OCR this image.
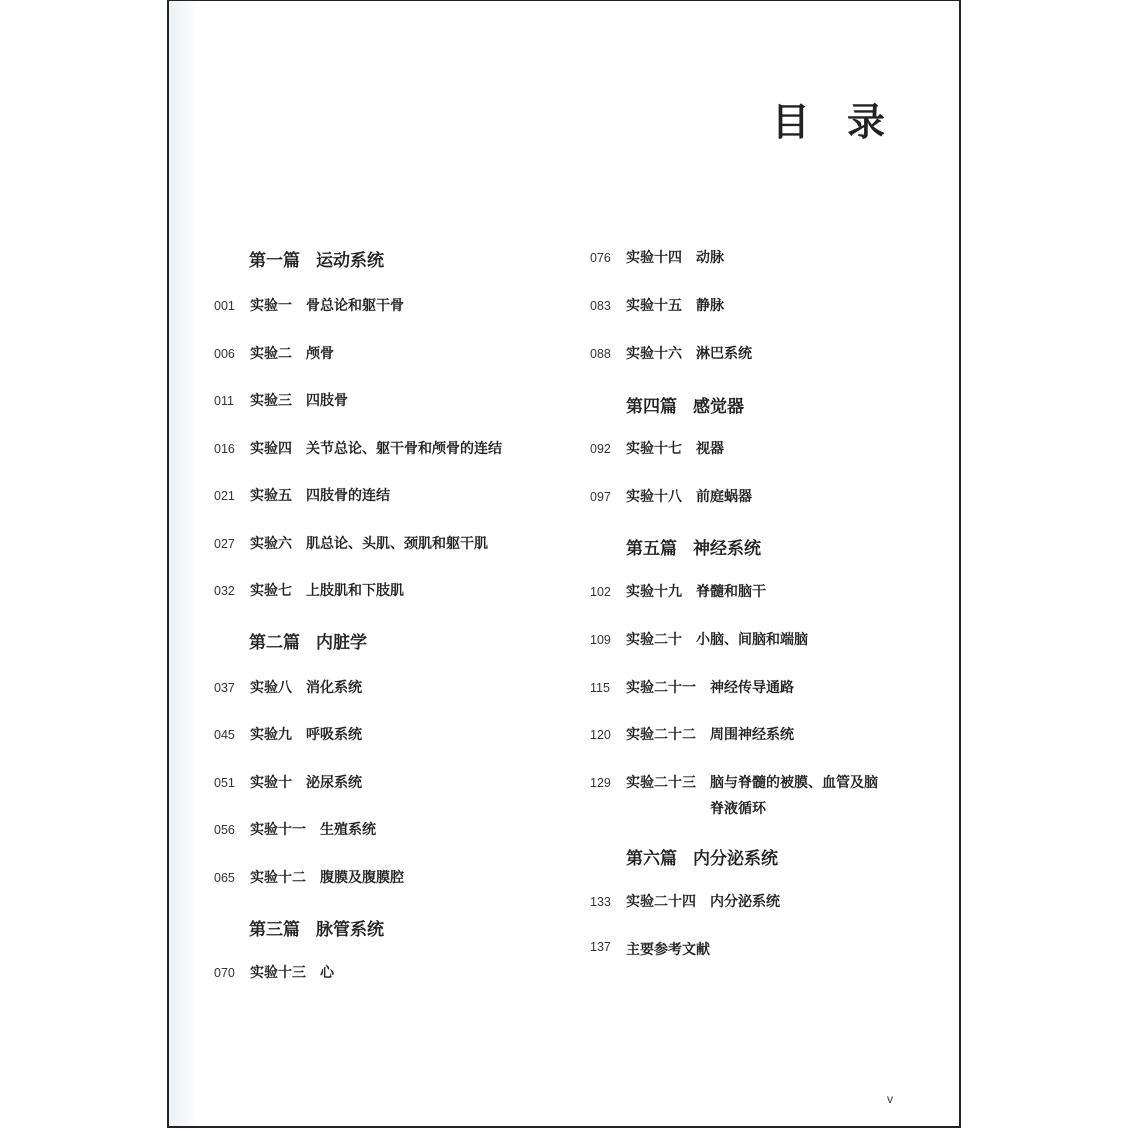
目 录
第一篇 运动系统
001 实验一 骨总论和躯干骨
006 实验二 颅骨
011 实验三 四肢骨
016 实验四 关节总论、躯干骨和颅骨的连结
021 实验五 四肢骨的连结
027 实验六 肌总论、头肌、颈肌和躯干肌
032 实验七 上肢肌和下肢肌
第二篇 内脏学
037 实验八 消化系统
045 实验九 呼吸系统
051 实验十 泌尿系统
056 实验十一 生殖系统
065 实验十二 腹膜及腹膜腔
第三篇 脉管系统
070 实验十三 心
076 实验十四 动脉
083 实验十五 静脉
088 实验十六 淋巴系统
第四篇 感觉器
092 实验十七 视器
097 实验十八 前庭蜗器
第五篇 神经系统
102 实验十九 脊髓和脑干
109 实验二十 小脑、间脑和端脑
115 实验二十一 神经传导通路
120 实验二十二 周围神经系统
129 实验二十三 脑与脊髓的被膜、血管及脑
脊液循环
第六篇 内分泌系统
133 实验二十四 内分泌系统
137 主要参考文献
v
